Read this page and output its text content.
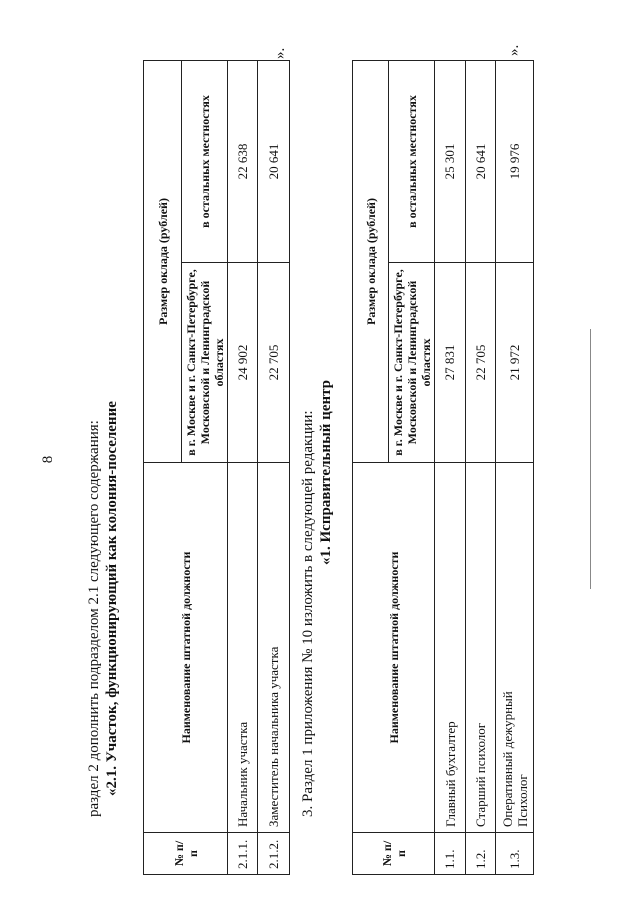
8 раздел 2 дополнить подразделом 2.1 следующего содержания: «2.1. Участок, функционирующий как колония-поселение
№ п/п	Наименование штатной должности	Размер оклада (рублей)	
		в г. Москве и г. Санкт-Петербурге, Московской и Ленинградской областях	в остальных местностях
2.1.1.	Начальник участка	24 902	22 638
2.1.2.	Заместитель начальника участка	22 705	20 641
».
3. Раздел 1 приложения № 10 изложить в следующей редакции: «1. Исправительный центр
№ п/п	Наименование штатной должности	Размер оклада (рублей)	
		в г. Москве и г. Санкт-Петербурге, Московской и Ленинградской областях	в остальных местностях
1.1.	Главный бухгалтер	27 831	25 301
1.2.	Старший психолог	22 705	20 641
1.3.	Оперативный дежурный Психолог	21 972	19 976
».
